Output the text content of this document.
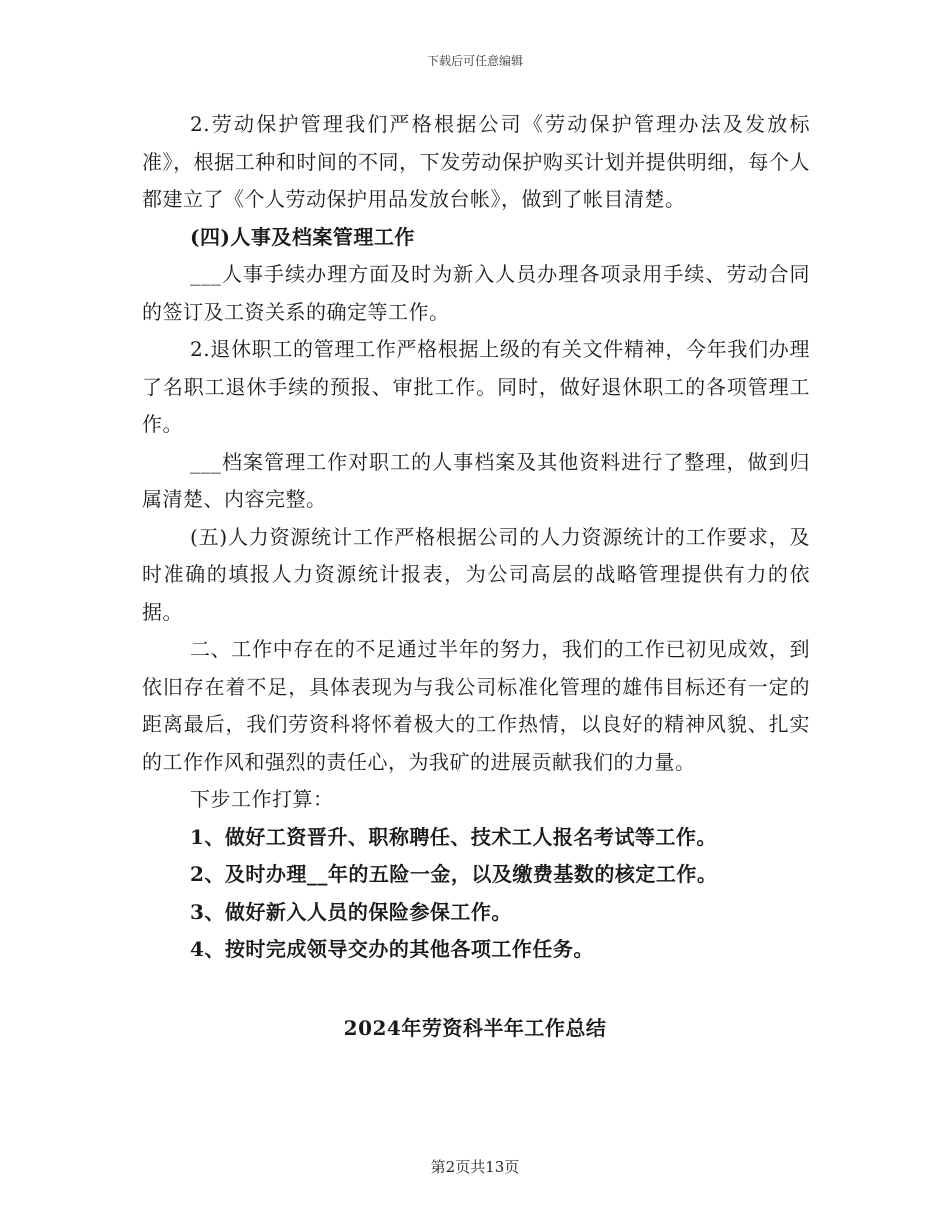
下载后可任意编辑

2.劳动保护管理我们严格根据公司《劳动保护管理办法及发放标准》，根据工种和时间的不同，下发劳动保护购买计划并提供明细，每个人都建立了《个人劳动保护用品发放台帐》，做到了帐目清楚。

(四)人事及档案管理工作

___人事手续办理方面及时为新入人员办理各项录用手续、劳动合同的签订及工资关系的确定等工作。

2.退休职工的管理工作严格根据上级的有关文件精神，今年我们办理了名职工退休手续的预报、审批工作。同时，做好退休职工的各项管理工作。

___档案管理工作对职工的人事档案及其他资料进行了整理，做到归属清楚、内容完整。

(五)人力资源统计工作严格根据公司的人力资源统计的工作要求，及时准确的填报人力资源统计报表，为公司高层的战略管理提供有力的依据。

二、工作中存在的不足通过半年的努力，我们的工作已初见成效，到依旧存在着不足，具体表现为与我公司标准化管理的雄伟目标还有一定的距离最后，我们劳资科将怀着极大的工作热情，以良好的精神风貌、扎实的工作作风和强烈的责任心，为我矿的进展贡献我们的力量。

下步工作打算：

1、做好工资晋升、职称聘任、技术工人报名考试等工作。

2、及时办理__年的五险一金，以及缴费基数的核定工作。

3、做好新入人员的保险参保工作。

4、按时完成领导交办的其他各项工作任务。

2024年劳资科半年工作总结
第2页共13页
